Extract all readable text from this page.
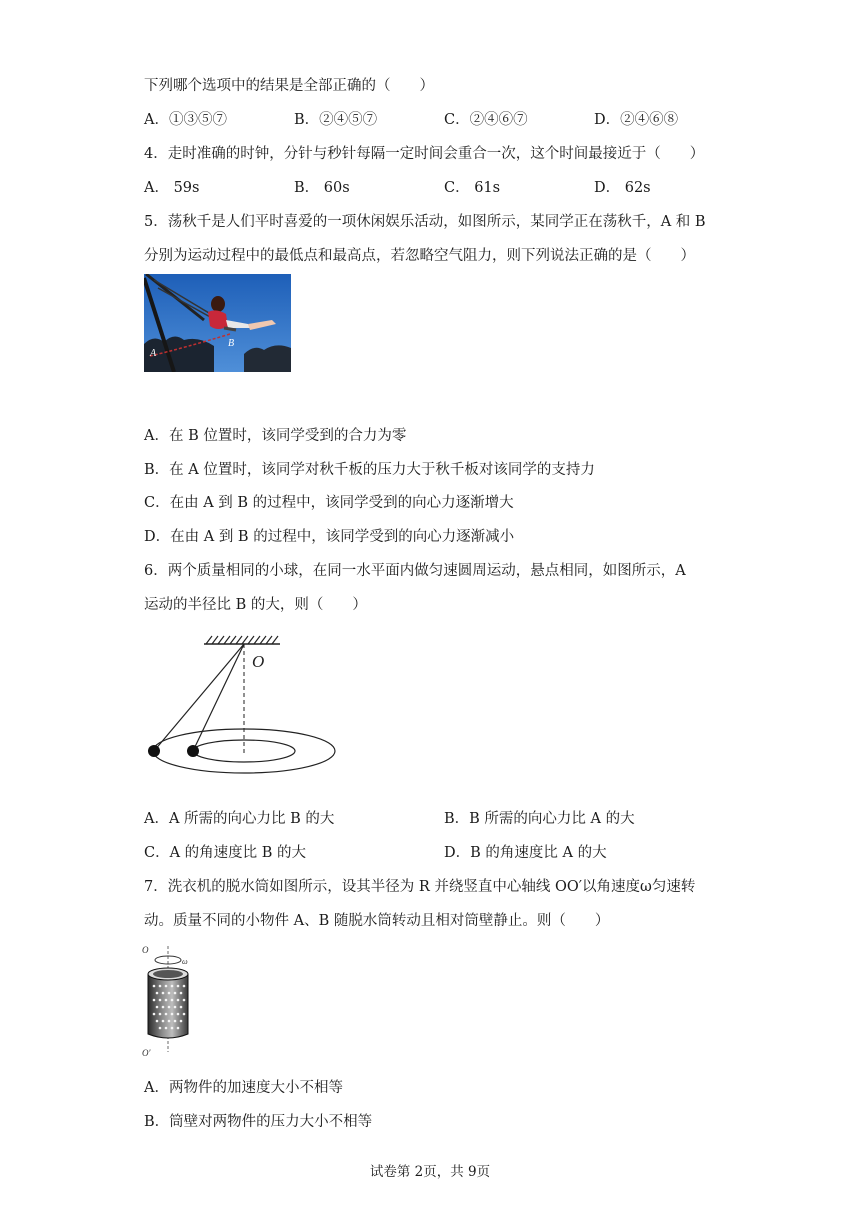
下列哪个选项中的结果是全部正确的（　　）
A．①③⑤⑦	B．②④⑤⑦	C．②④⑥⑦	D．②④⑥⑧
4．走时准确的时钟，分针与秒针每隔一定时间会重合一次，这个时间最接近于（　　）
A． 59s	B． 60s	C． 61s	D． 62s
5．荡秋千是人们平时喜爱的一项休闲娱乐活动，如图所示，某同学正在荡秋千，A 和 B
分别为运动过程中的最低点和最高点，若忽略空气阻力，则下列说法正确的是（　　）
A
B
A．在 B 位置时，该同学受到的合力为零
B．在 A 位置时，该同学对秋千板的压力大于秋千板对该同学的支持力
C．在由 A 到 B 的过程中，该同学受到的向心力逐渐增大
D．在由 A 到 B 的过程中，该同学受到的向心力逐渐减小
6．两个质量相同的小球，在同一水平面内做匀速圆周运动，悬点相同，如图所示，A
运动的半径比 B 的大，则（　　）
O
A．A 所需的向心力比 B 的大	B．B 所需的向心力比 A 的大
C．A 的角速度比 B 的大	D．B 的角速度比 A 的大
7．洗衣机的脱水筒如图所示，设其半径为 R 并绕竖直中心轴线 OO′以角速度ω匀速转
动。质量不同的小物件 A、B 随脱水筒转动且相对筒壁静止。则（　　）
O
ω
O′
A．两物件的加速度大小不相等
B．筒壁对两物件的压力大小不相等
试卷第 2页，共 9页
